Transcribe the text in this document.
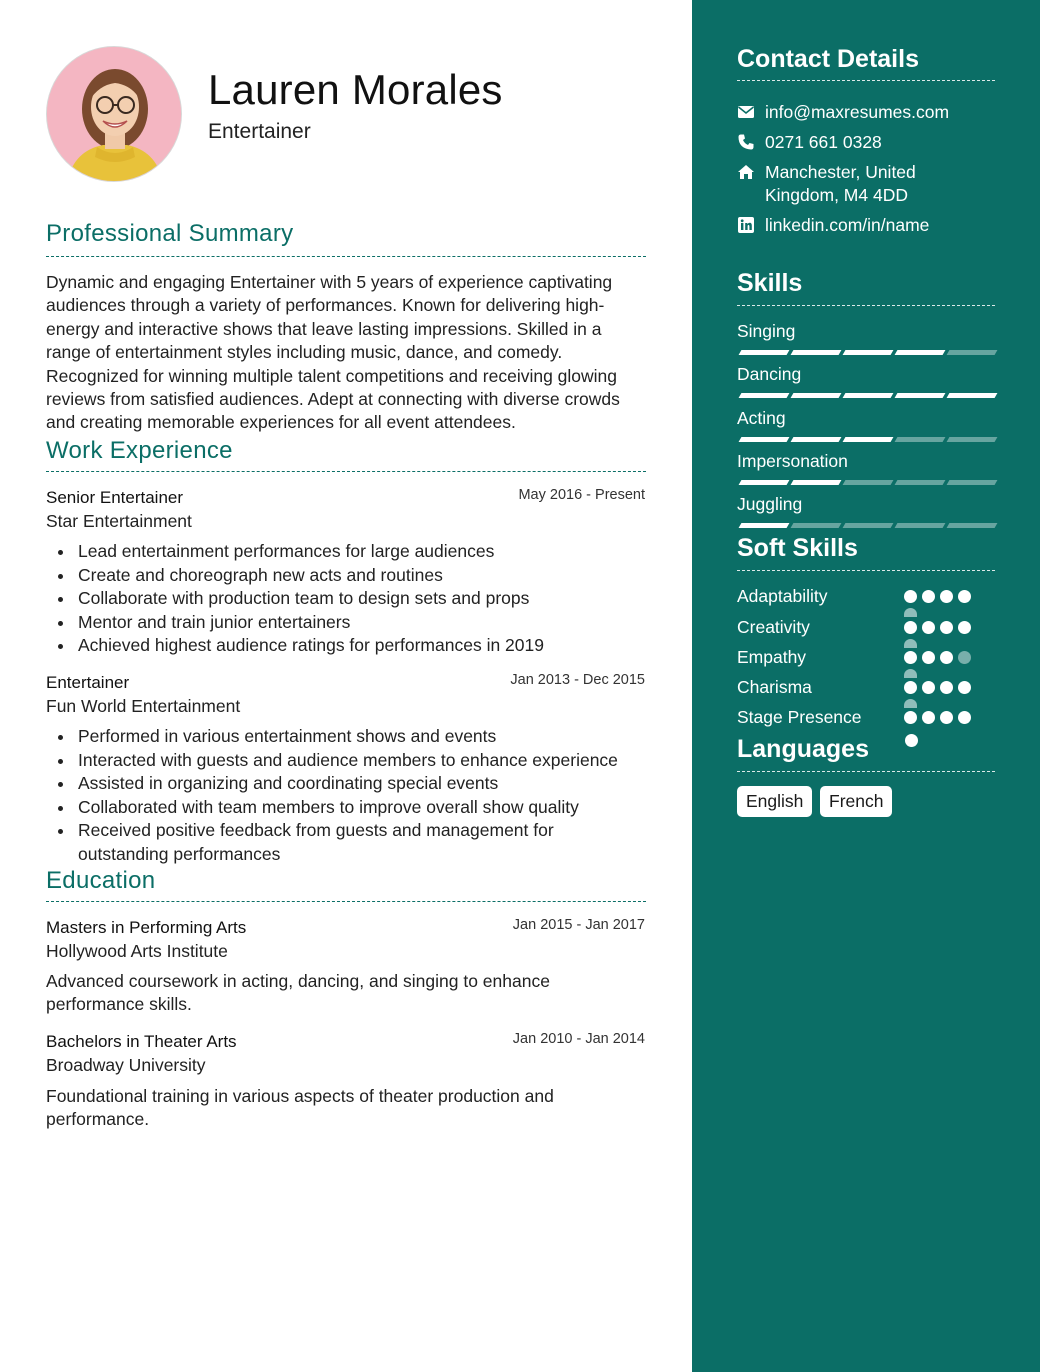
Lauren Morales
Entertainer
Professional Summary

Dynamic and engaging Entertainer with 5 years of experience captivating audiences through a variety of performances. Known for delivering high-energy and interactive shows that leave lasting impressions. Skilled in a range of entertainment styles including music, dance, and comedy. Recognized for winning multiple talent competitions and receiving glowing reviews from satisfied audiences. Adept at connecting with diverse crowds and creating memorable experiences for all event attendees.

Work Experience
Senior Entertainer	May 2016 - Present
Star Entertainment
Lead entertainment performances for large audiences
Create and choreograph new acts and routines
Collaborate with production team to design sets and props
Mentor and train junior entertainers
Achieved highest audience ratings for performances in 2019
Entertainer	Jan 2013 - Dec 2015
Fun World Entertainment
Performed in various entertainment shows and events
Interacted with guests and audience members to enhance experience
Assisted in organizing and coordinating special events
Collaborated with team members to improve overall show quality
Received positive feedback from guests and management for outstanding performances
Education
Masters in Performing Arts	Jan 2015 - Jan 2017
Hollywood Arts Institute

Advanced coursework in acting, dancing, and singing to enhance performance skills.

Bachelors in Theater Arts	Jan 2010 - Jan 2014
Broadway University

Foundational training in various aspects of theater production and performance.

Contact Details
info@maxresumes.com
0271 661 0328
Manchester, United Kingdom, M4 4DD
linkedin.com/in/name
Skills
Singing
Dancing
Acting
Impersonation
Juggling
Soft Skills
Adaptability
Creativity
Empathy
Charisma
Stage Presence
Languages
English	French
